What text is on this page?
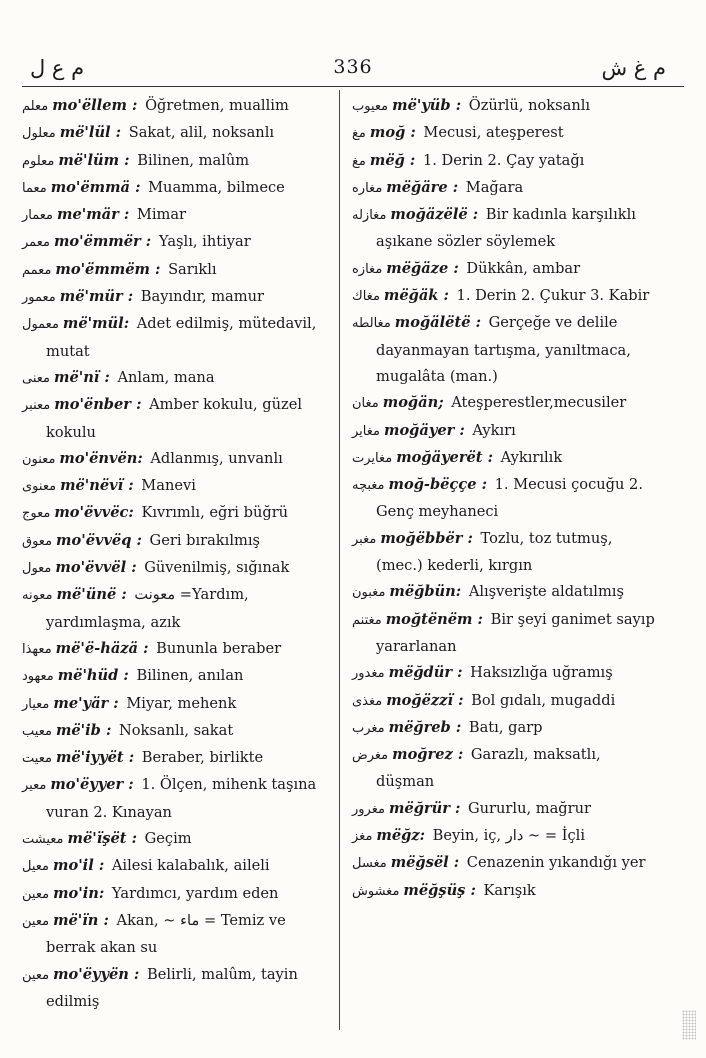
م ع ل	336	م غ ش
معلم mo'ëllem : Öğretmen, muallim
معلول më'lül : Sakat, alil, noksanlı
معلوم më'lüm : Bilinen, malûm
معما mo'ëmmä : Muamma, bilmece
معمار me'mär : Mimar
معمر mo'ëmmër : Yaşlı, ihtiyar
معمم mo'ëmmëm : Sarıklı
معمور më'mür : Bayındır, mamur
معمول më'mül: Adet edilmiş, mütedavil, mutat
معنى më'nï : Anlam, mana
معنبر mo'ënber : Amber kokulu, güzel kokulu
معنون mo'ënvën: Adlanmış, unvanlı
معنوى më'nëvï : Manevi
معوج mo'ëvvëc: Kıvrımlı, eğri büğrü
معوق mo'ëvvëq : Geri bırakılmış
معول mo'ëvvël : Güvenilmiş, sığınak
معونه më'ünë : معونت =Yardım, yardımlaşma, azık
معهذا më'ë-häzä : Bununla beraber
معهود më'hüd : Bilinen, anılan
معيار me'yär : Miyar, mehenk
معيب më'ib : Noksanlı, sakat
معيت më'iyyët : Beraber, birlikte
معير mo'ëyyer : 1. Ölçen, mihenk taşına vuran 2. Kınayan
معيشت më'ïşët : Geçim
معيل mo'il : Ailesi kalabalık, aileli
معين mo'in: Yardımcı, yardım eden
معين më'ïn : Akan, ∼ ماء = Temiz ve berrak akan su
معين mo'ëyyën : Belirli, malûm, tayin edilmiş
معيوب më'yüb : Özürlü, noksanlı
مغ moğ : Mecusi, ateşperest
مغ mëğ : 1. Derin 2. Çay yatağı
مغاره mëğäre : Mağara
مغازله moğäzëlë : Bir kadınla karşılıklı aşıkane sözler söylemek
مغازه mëğäze : Dükkân, ambar
مغاك mëğäk : 1. Derin 2. Çukur 3. Kabir
مغالطه moğälëtë : Gerçeğe ve delile dayanmayan tartışma, yanıltmaca, mugalâta (man.)
مغان moğän; Ateşperestler,mecusiler
مغاير moğäyer : Aykırı
مغايرت moğäyerët : Aykırılık
مغبچه moğ-bëççe : 1. Mecusi çocuğu 2. Genç meyhaneci
مغبر moğëbbër : Tozlu, toz tutmuş, (mec.) kederli, kırgın
مغبون mëğbün: Alışverişte aldatılmış
مغتنم moğtënëm : Bir şeyi ganimet sayıp yararlanan
مغدور mëğdür : Haksızlığa uğramış
مغذى moğëzzï : Bol gıdalı, mugaddi
مغرب mëğreb : Batı, garp
مغرض moğrez : Garazlı, maksatlı, düşman
مغرور mëğrür : Gururlu, mağrur
مغز mëğz: Beyin, iç, دار ∼ = İçli
مغسل mëğsël : Cenazenin yıkandığı yer
مغشوش mëğşüş : Karışık
